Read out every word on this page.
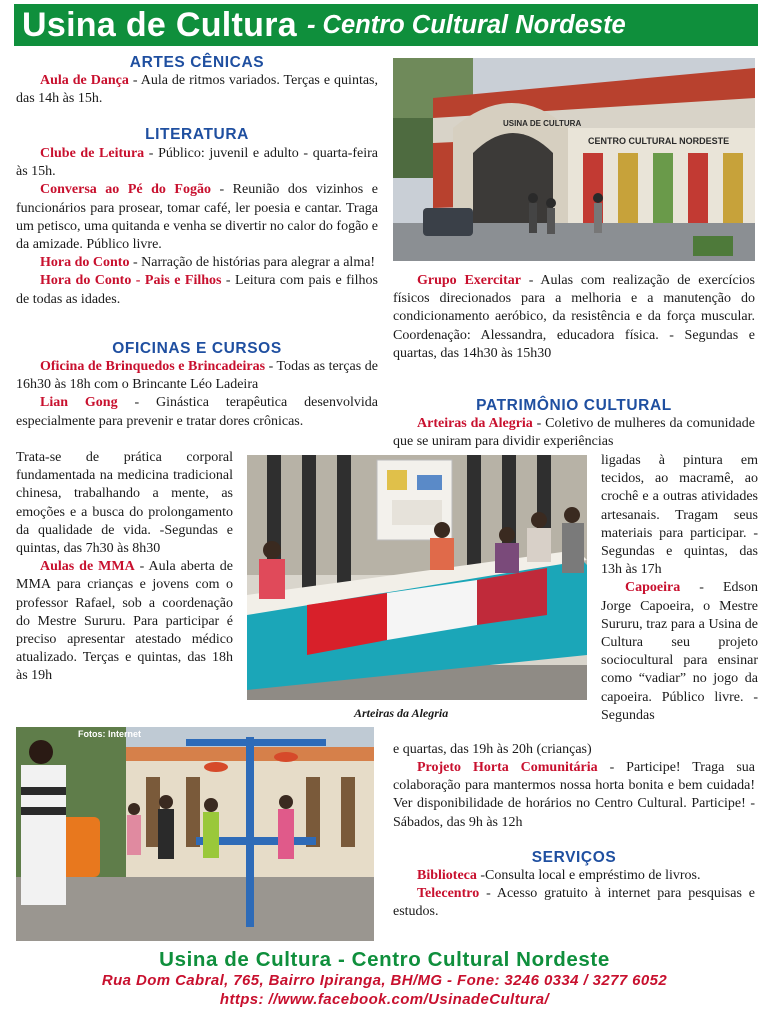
Usina de Cultura - Centro Cultural Nordeste
ARTES CÊNICAS

Aula de Dança - Aula de ritmos variados. Terças e quintas, das 14h às 15h.

LITERATURA

Clube de Leitura - Público: juvenil e adulto - quarta-feira às 15h.

Conversa ao Pé do Fogão - Reunião dos vizinhos e funcionários para prosear, tomar café, ler poesia e cantar. Traga um petisco, uma quitanda e venha se divertir no calor do fogão e da amizade. Público livre.

Hora do Conto - Narração de histórias para alegrar a alma!

Hora do Conto - Pais e Filhos - Leitura com pais e filhos de todas as idades.

OFICINAS E CURSOS

Oficina de Brinquedos e Brincadeiras - Todas as terças de 16h30 às 18h com o Brincante Léo Ladeira

Lian Gong - Ginástica terapêutica desenvolvida especialmente para prevenir e tratar dores crônicas.

Trata-se de prática corporal fundamentada na medicina tradicional chinesa, trabalhando a mente, as emoções e a busca do prolongamento da qualidade de vida. -Segundas e quintas, das 7h30 às 8h30

Aulas de MMA - Aula aberta de MMA para crianças e jovens com o professor Rafael, sob a coordenação do Mestre Sururu. Para participar é preciso apresentar atestado médico atualizado. Terças e quintas, das 18h às 19h

USINA DE CULTURA
CENTRO CULTURAL NORDESTE

Grupo Exercitar - Aulas com realização de exercícios físicos direcionados para a melhoria e a manutenção do condicionamento aeróbico, da resistência e da força muscular. Coordenação: Alessandra, educadora física. - Segundas e quartas, das 14h30 às 15h30

PATRIMÔNIO CULTURAL

Arteiras da Alegria - Coletivo de mulheres da comunidade que se uniram para dividir experiências

ligadas à pintura em tecidos, ao macramê, ao crochê e a outras atividades artesanais. Tragam seus materiais para participar. - Segundas e quintas, das 13h às 17h

Capoeira - Edson Jorge Capoeira, o Mestre Sururu, traz para a Usina de Cultura seu projeto sociocultural para ensinar como “vadiar” no jogo da capoeira. Público livre. - Segundas

e quartas, das 19h às 20h (crianças)

Projeto Horta Comunitária - Participe! Traga sua colaboração para mantermos nossa horta bonita e bem cuidada! Ver disponibilidade de horários no Centro Cultural. Participe! - Sábados, das 9h às 12h

Arteiras da Alegria
Fotos: Internet
SERVIÇOS

Biblioteca -Consulta local e empréstimo de livros.

Telecentro - Acesso gratuito à internet para pesquisas e estudos.

Usina de Cultura - Centro Cultural Nordeste
Rua Dom Cabral, 765, Bairro Ipiranga, BH/MG - Fone: 3246 0334 / 3277 6052
https: //www.facebook.com/UsinadeCultura/
